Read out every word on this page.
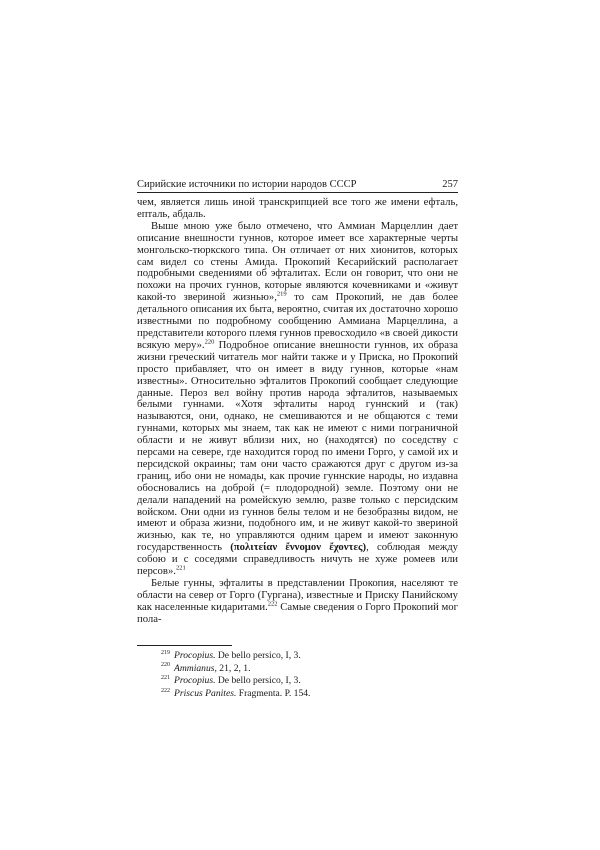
Сирийские источники по истории народов СССР	257

чем, является лишь иной транскрипцией все того же имени ефталь, епталь, абдаль.

Выше мною уже было отмечено, что Аммиан Марцеллин дает описание внешности гуннов, которое имеет все характерные черты монгольско-тюркского типа. Он отличает от них хионитов, которых сам видел со стены Амида. Прокопий Кесарийский располагает подробными сведениями об эфталитах. Если он говорит, что они не похожи на прочих гуннов, которые являются кочевниками и «живут какой-то звериной жизнью»,$^{219}$ то сам Прокопий, не дав более детального описания их быта, вероятно, считая их достаточно хорошо известными по подробному сообщению Аммиана Марцеллина, а представители которого племя гуннов превосходило «в своей дикости всякую меру».$^{220}$ Подробное описание внешности гуннов, их образа жизни греческий читатель мог найти также и у Приска, но Прокопий просто прибавляет, что он имеет в виду гуннов, которые «нам известны». Относительно эфталитов Прокопий сообщает следующие данные. Пероз вел войну против народа эфталитов, называемых белыми гуннами. «Хотя эфталиты народ гуннский и (так) называются, они, однако, не смешиваются и не общаются с теми гуннами, которых мы знаем, так как не имеют с ними пограничной области и не живут вблизи них, но (находятся) по соседству с персами на севере, где находится город по имени Горго, у самой их и персидской окраины; там они часто сражаются друг с другом из-за границ, ибо они не номады, как прочие гуннские народы, но издавна обосновались на доброй (= плодородной) земле. Поэтому они не делали нападений на ромейскую землю, разве только с персидским войском. Они одни из гуннов белы телом и не безобразны видом, не имеют и образа жизни, подобного им, и не живут какой-то звериной жизнью, как те, но управляются одним царем и имеют законную государственность (πολιτείαν ἔννομον ἔχοντες), соблюдая между собою и с соседями справедливость ничуть не хуже ромеев или персов».$^{221}$

Белые гунны, эфталиты в представлении Прокопия, населяют те области на север от Горго (Гургана), известные и Приску Панийскому как населенные кидаритами.$^{222}$ Самые сведения о Горго Прокопий мог пола-

$^{219}$ Procopius. De bello persico, I, 3.
$^{220}$ Ammianus, 21, 2, 1.
$^{221}$ Procopius. De bello persico, I, 3.
$^{222}$ Priscus Panites. Fragmenta. P. 154.
